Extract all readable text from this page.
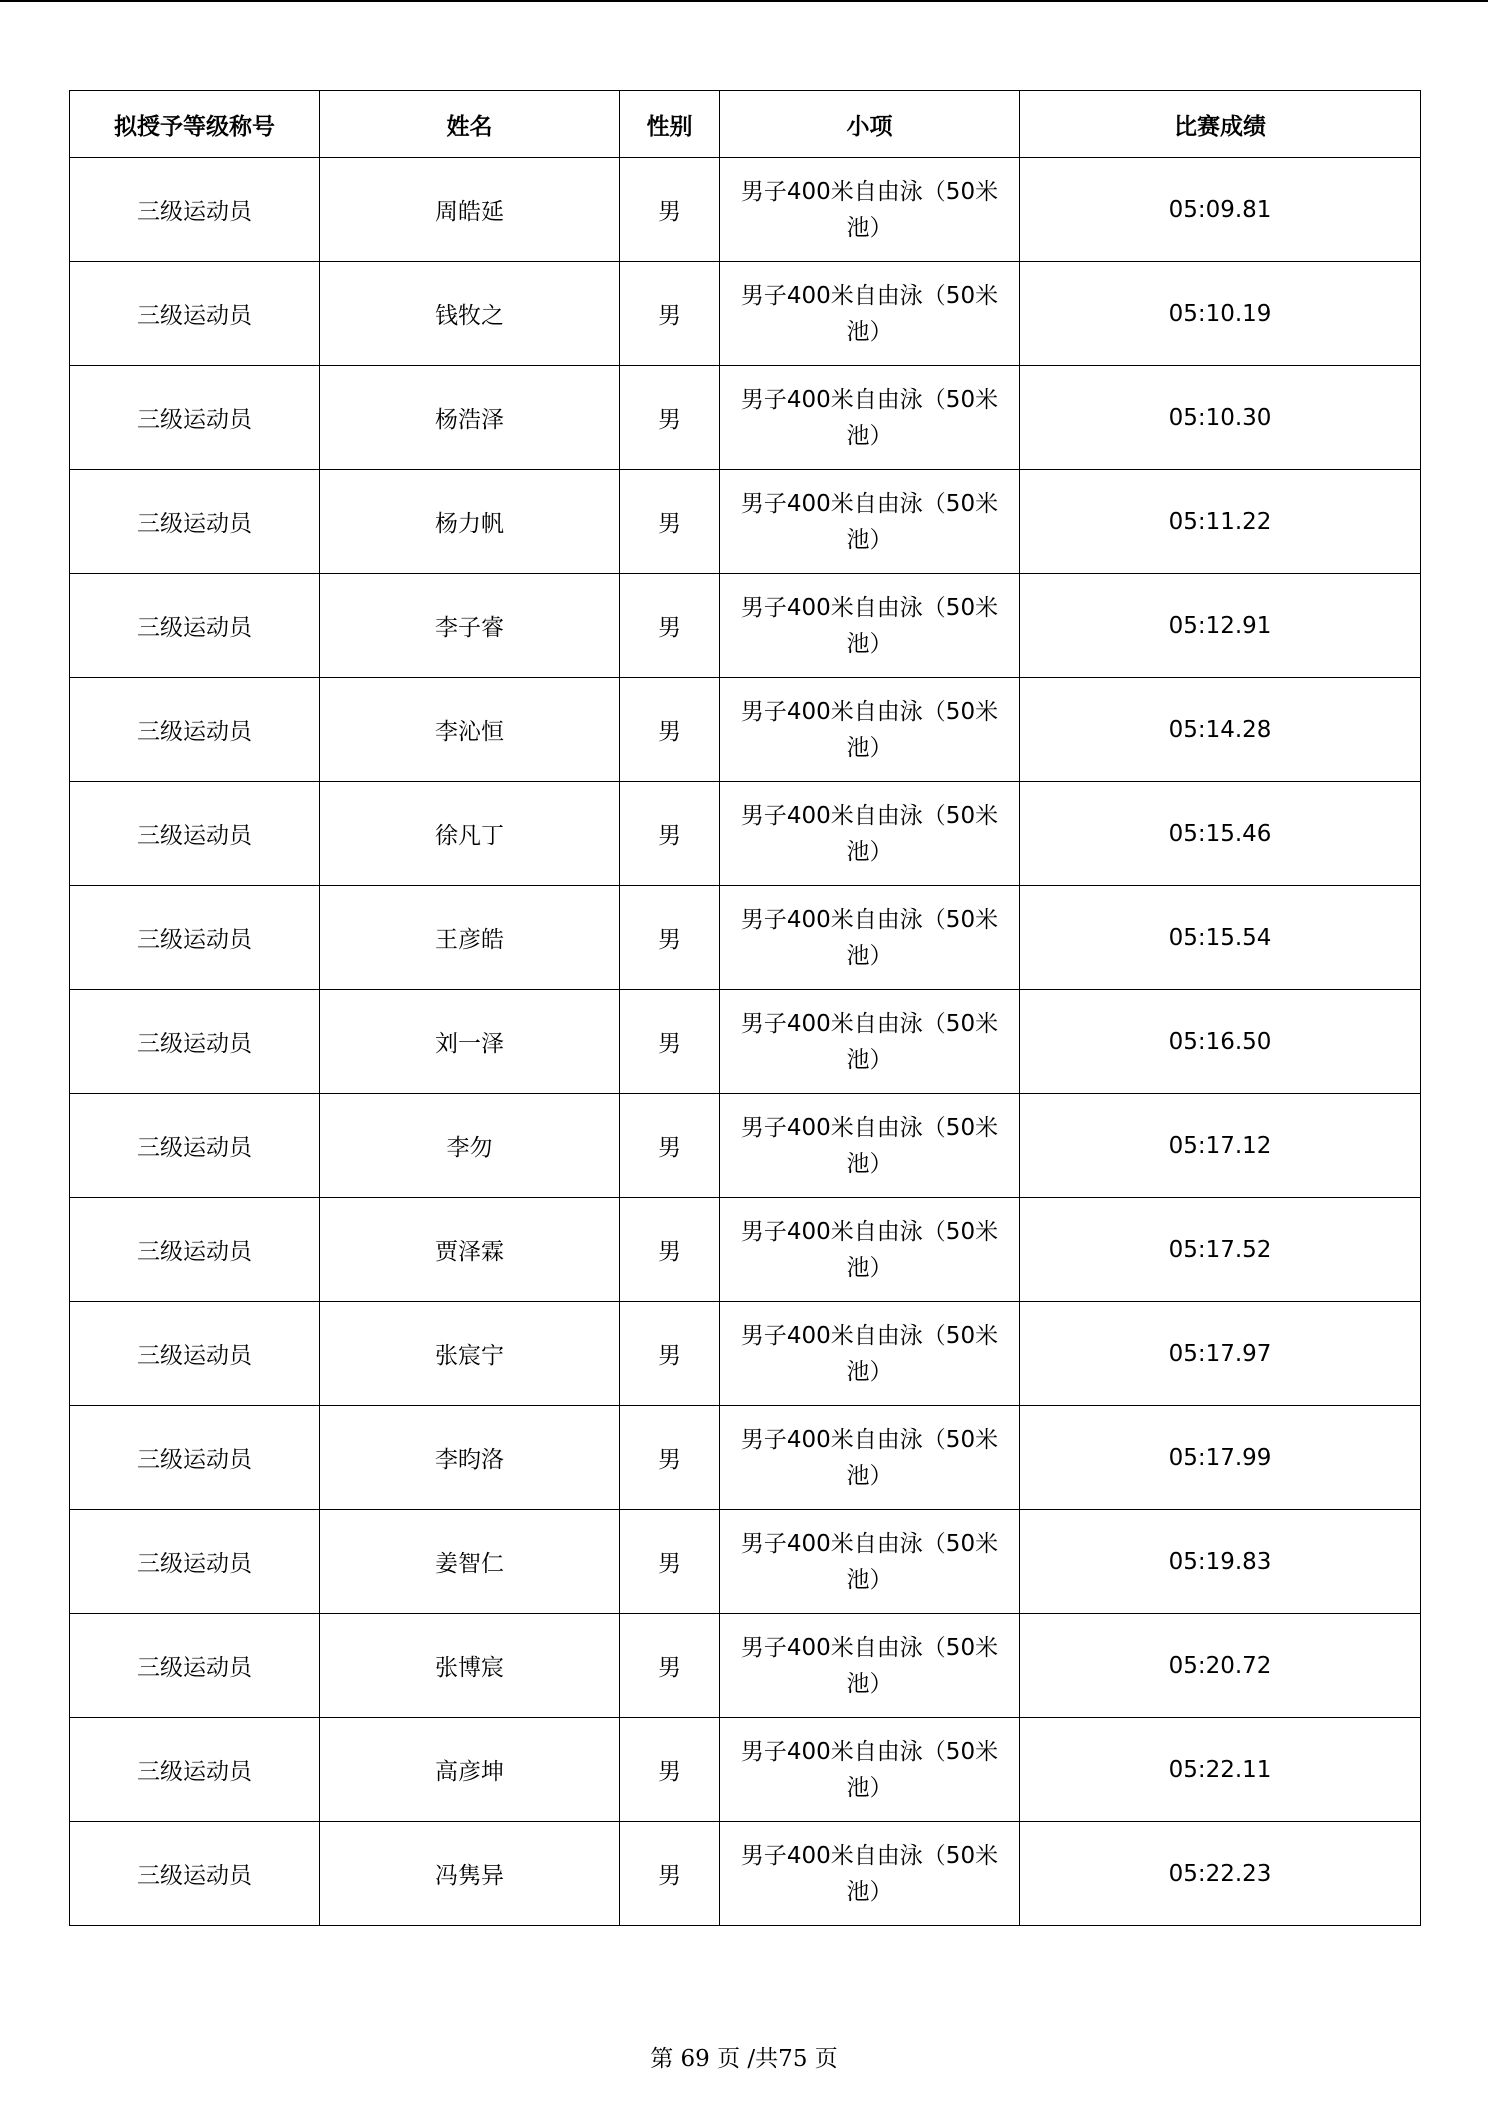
拟授予等级称号	姓名	性别	小项	比赛成绩
三级运动员	周皓延	男	男子400米自由泳（50米池）	05:09.81
三级运动员	钱牧之	男	男子400米自由泳（50米池）	05:10.19
三级运动员	杨浩泽	男	男子400米自由泳（50米池）	05:10.30
三级运动员	杨力帆	男	男子400米自由泳（50米池）	05:11.22
三级运动员	李子睿	男	男子400米自由泳（50米池）	05:12.91
三级运动员	李沁恒	男	男子400米自由泳（50米池）	05:14.28
三级运动员	徐凡丁	男	男子400米自由泳（50米池）	05:15.46
三级运动员	王彦皓	男	男子400米自由泳（50米池）	05:15.54
三级运动员	刘一泽	男	男子400米自由泳（50米池）	05:16.50
三级运动员	李勿	男	男子400米自由泳（50米池）	05:17.12
三级运动员	贾泽霖	男	男子400米自由泳（50米池）	05:17.52
三级运动员	张宸宁	男	男子400米自由泳（50米池）	05:17.97
三级运动员	李昀洛	男	男子400米自由泳（50米池）	05:17.99
三级运动员	姜智仁	男	男子400米自由泳（50米池）	05:19.83
三级运动员	张博宸	男	男子400米自由泳（50米池）	05:20.72
三级运动员	高彦坤	男	男子400米自由泳（50米池）	05:22.11
三级运动员	冯隽异	男	男子400米自由泳（50米池）	05:22.23
第 69 页 /共75 页
